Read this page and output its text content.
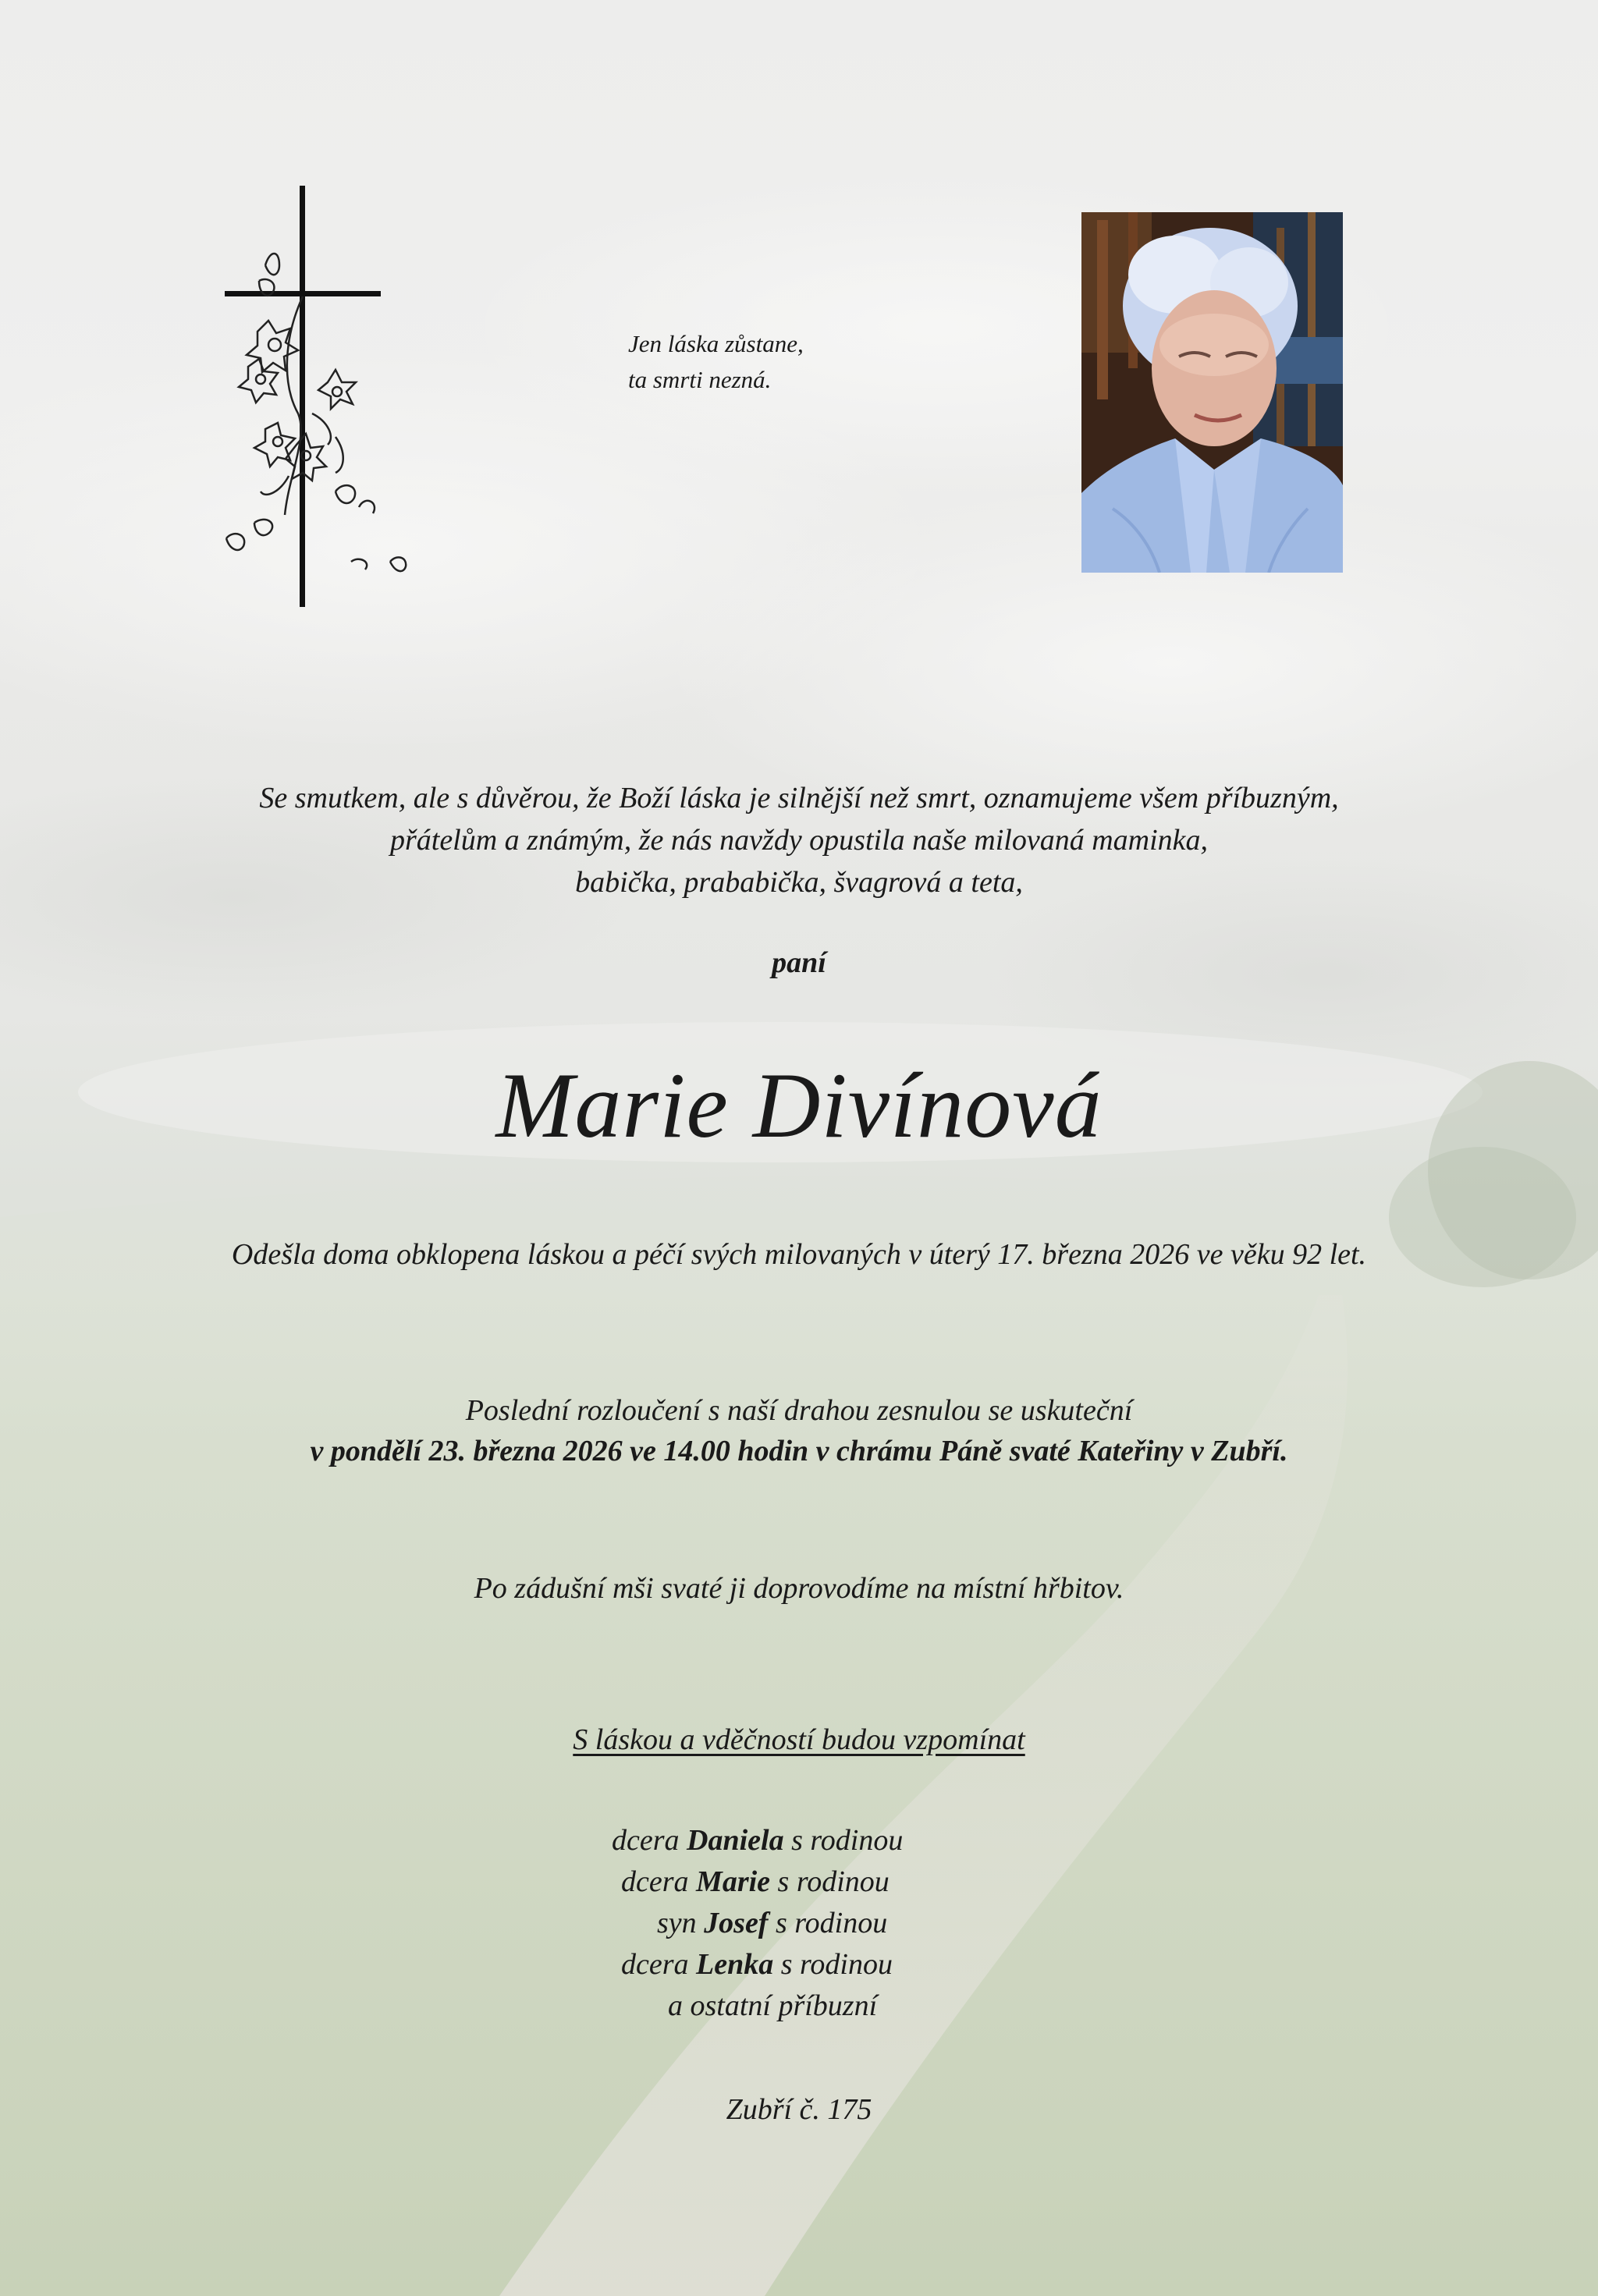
Jen láska zůstane,
ta smrti nezná.
Se smutkem, ale s důvěrou, že Boží láska je silnější než smrt, oznamujeme všem příbuzným,
přátelům a známým, že nás navždy opustila naše milovaná maminka,
babička, prababička, švagrová a teta,
paní
Marie Divínová
Odešla doma obklopena láskou a péčí svých milovaných v úterý 17. března 2026 ve věku 92 let.
Poslední rozloučení s naší drahou zesnulou se uskuteční
v pondělí 23. března 2026 ve 14.00 hodin v chrámu Páně svaté Kateřiny v Zubří.
Po zádušní mši svaté ji doprovodíme na místní hřbitov.
S láskou a vděčností budou vzpomínat
dcera Daniela s rodinou
dcera Marie s rodinou
syn Josef s rodinou
dcera Lenka s rodinou
a ostatní příbuzní
Zubří č. 175
